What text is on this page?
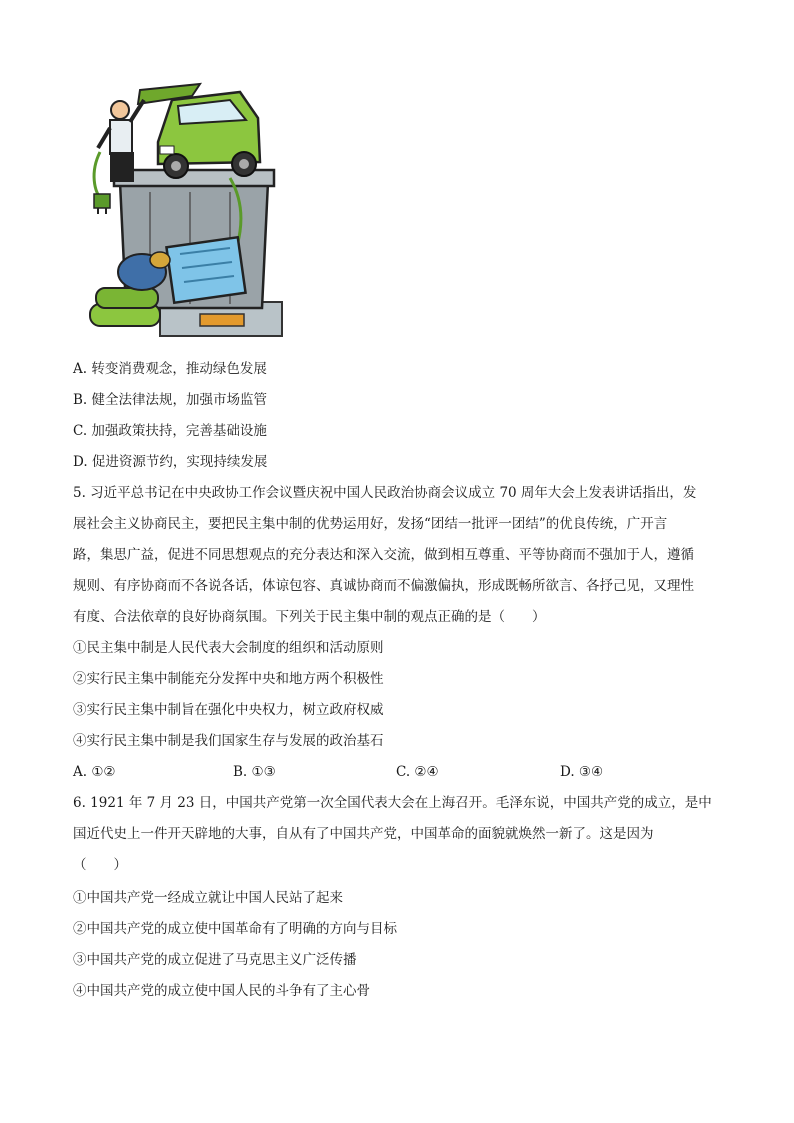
A. 转变消费观念，推动绿色发展
B. 健全法律法规，加强市场监管
C. 加强政策扶持，完善基础设施
D. 促进资源节约，实现持续发展
5. 习近平总书记在中央政协工作会议暨庆祝中国人民政治协商会议成立 70 周年大会上发表讲话指出，发
展社会主义协商民主，要把民主集中制的优势运用好，发扬“团结一批评一团结”的优良传统，广开言
路，集思广益，促进不同思想观点的充分表达和深入交流，做到相互尊重、平等协商而不强加于人，遵循
规则、有序协商而不各说各话，体谅包容、真诚协商而不偏激偏执，形成既畅所欲言、各抒己见，又理性
有度、合法依章的良好协商氛围。下列关于民主集中制的观点正确的是（　　）
①民主集中制是人民代表大会制度的组织和活动原则
②实行民主集中制能充分发挥中央和地方两个积极性
③实行民主集中制旨在强化中央权力，树立政府权威
④实行民主集中制是我们国家生存与发展的政治基石
A. ①②	B. ①③	C. ②④	D. ③④
6. 1921 年 7 月 23 日，中国共产党第一次全国代表大会在上海召开。毛泽东说，中国共产党的成立，是中
国近代史上一件开天辟地的大事，自从有了中国共产党，中国革命的面貌就焕然一新了。这是因为
（　　）
①中国共产党一经成立就让中国人民站了起来
②中国共产党的成立使中国革命有了明确的方向与目标
③中国共产党的成立促进了马克思主义广泛传播
④中国共产党的成立使中国人民的斗争有了主心骨
